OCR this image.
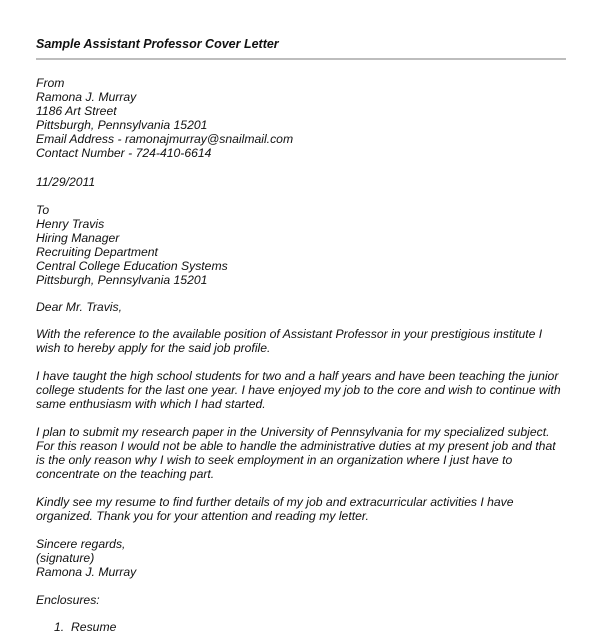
Sample Assistant Professor Cover Letter
From
Ramona J. Murray
1186 Art Street
Pittsburgh, Pennsylvania 15201
Email Address - ramonajmurray@snailmail.com
Contact Number - 724-410-6614
11/29/2011
To
Henry Travis
Hiring Manager
Recruiting Department
Central College Education Systems
Pittsburgh, Pennsylvania 15201
Dear Mr. Travis,
With the reference to the available position of Assistant Professor in your prestigious institute I
wish to hereby apply for the said job profile.
I have taught the high school students for two and a half years and have been teaching the junior
college students for the last one year. I have enjoyed my job to the core and wish to continue with
same enthusiasm with which I had started.
I plan to submit my research paper in the University of Pennsylvania for my specialized subject.
For this reason I would not be able to handle the administrative duties at my present job and that
is the only reason why I wish to seek employment in an organization where I just have to
concentrate on the teaching part.
Kindly see my resume to find further details of my job and extracurricular activities I have
organized. Thank you for your attention and reading my letter.
Sincere regards,
(signature)
Ramona J. Murray
Enclosures:
1. Resume
